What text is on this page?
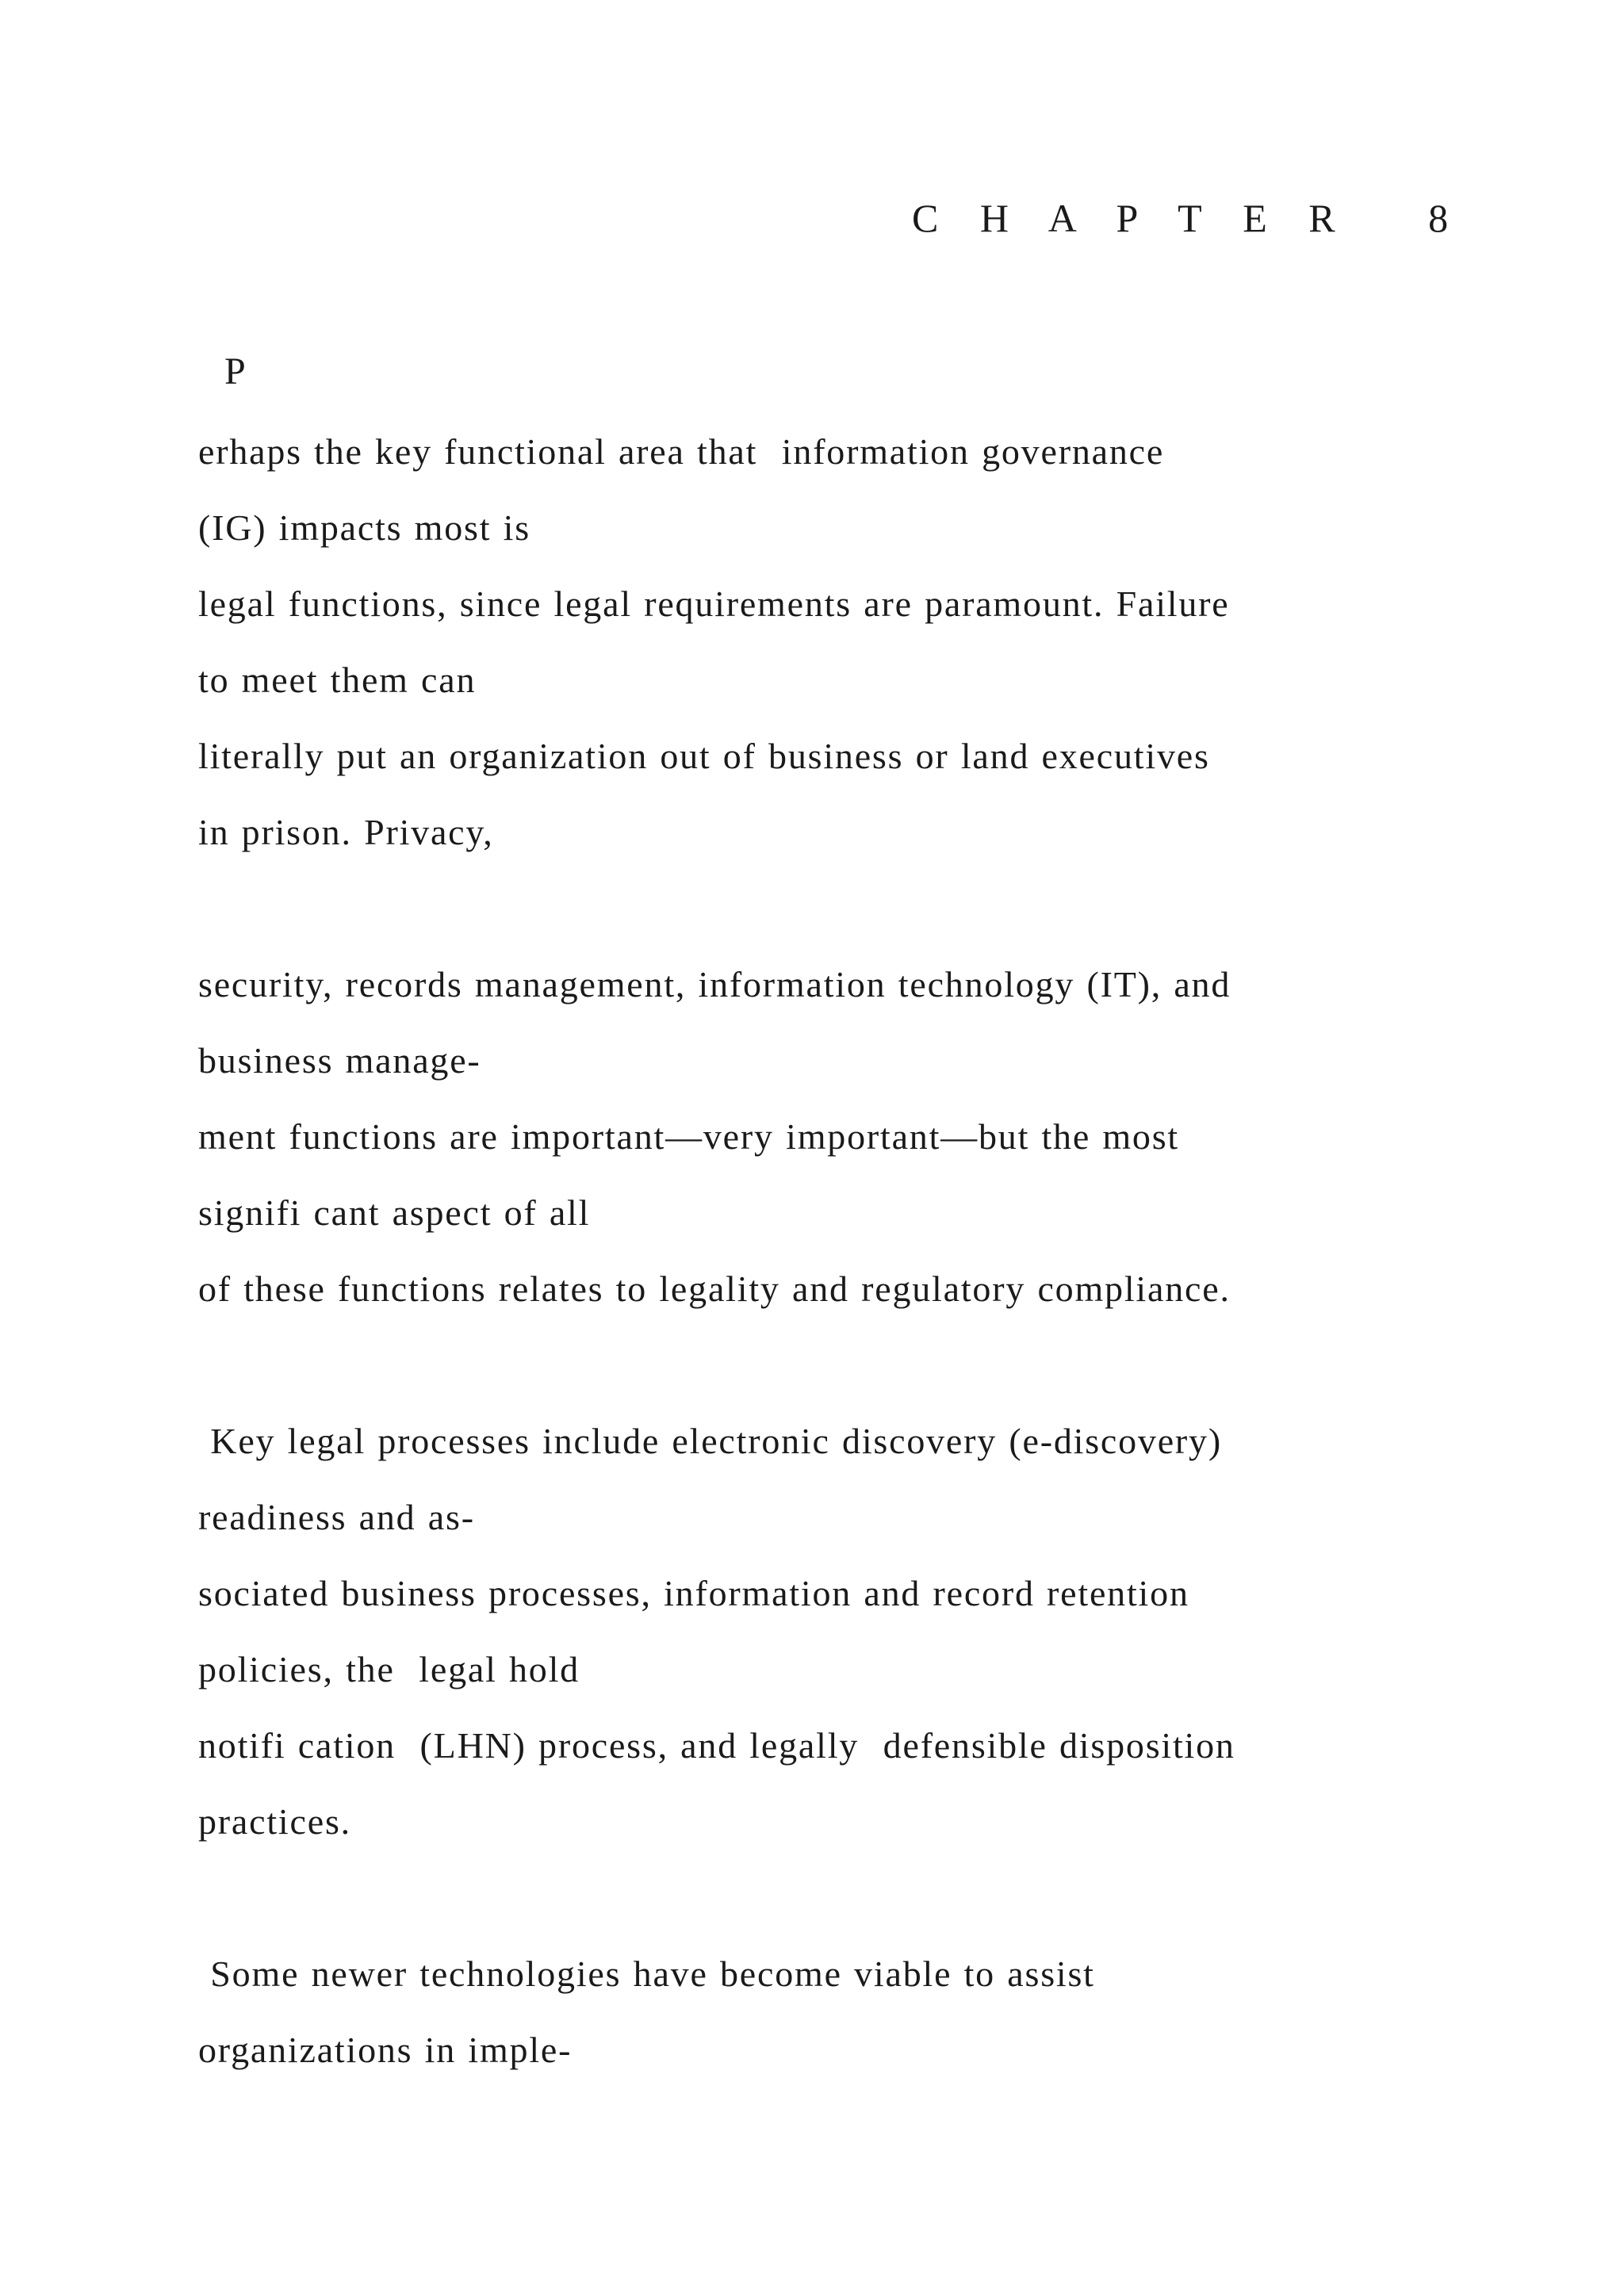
C H A P T E R   8
P
erhaps the key functional area that  information governance
(IG) impacts most is
legal functions, since legal requirements are paramount. Failure
to meet them can
literally put an organization out of business or land executives
in prison. Privacy,
security, records management, information technology (IT), and
business manage-
ment functions are important—very important—but the most
signifi cant aspect of all
of these functions relates to legality and regulatory compliance.
Key legal processes include electronic discovery (e-discovery)
readiness and as-
sociated business processes, information and record retention
policies, the  legal hold
notifi cation  (LHN) process, and legally  defensible disposition
practices.
Some newer technologies have become viable to assist
organizations in imple-
